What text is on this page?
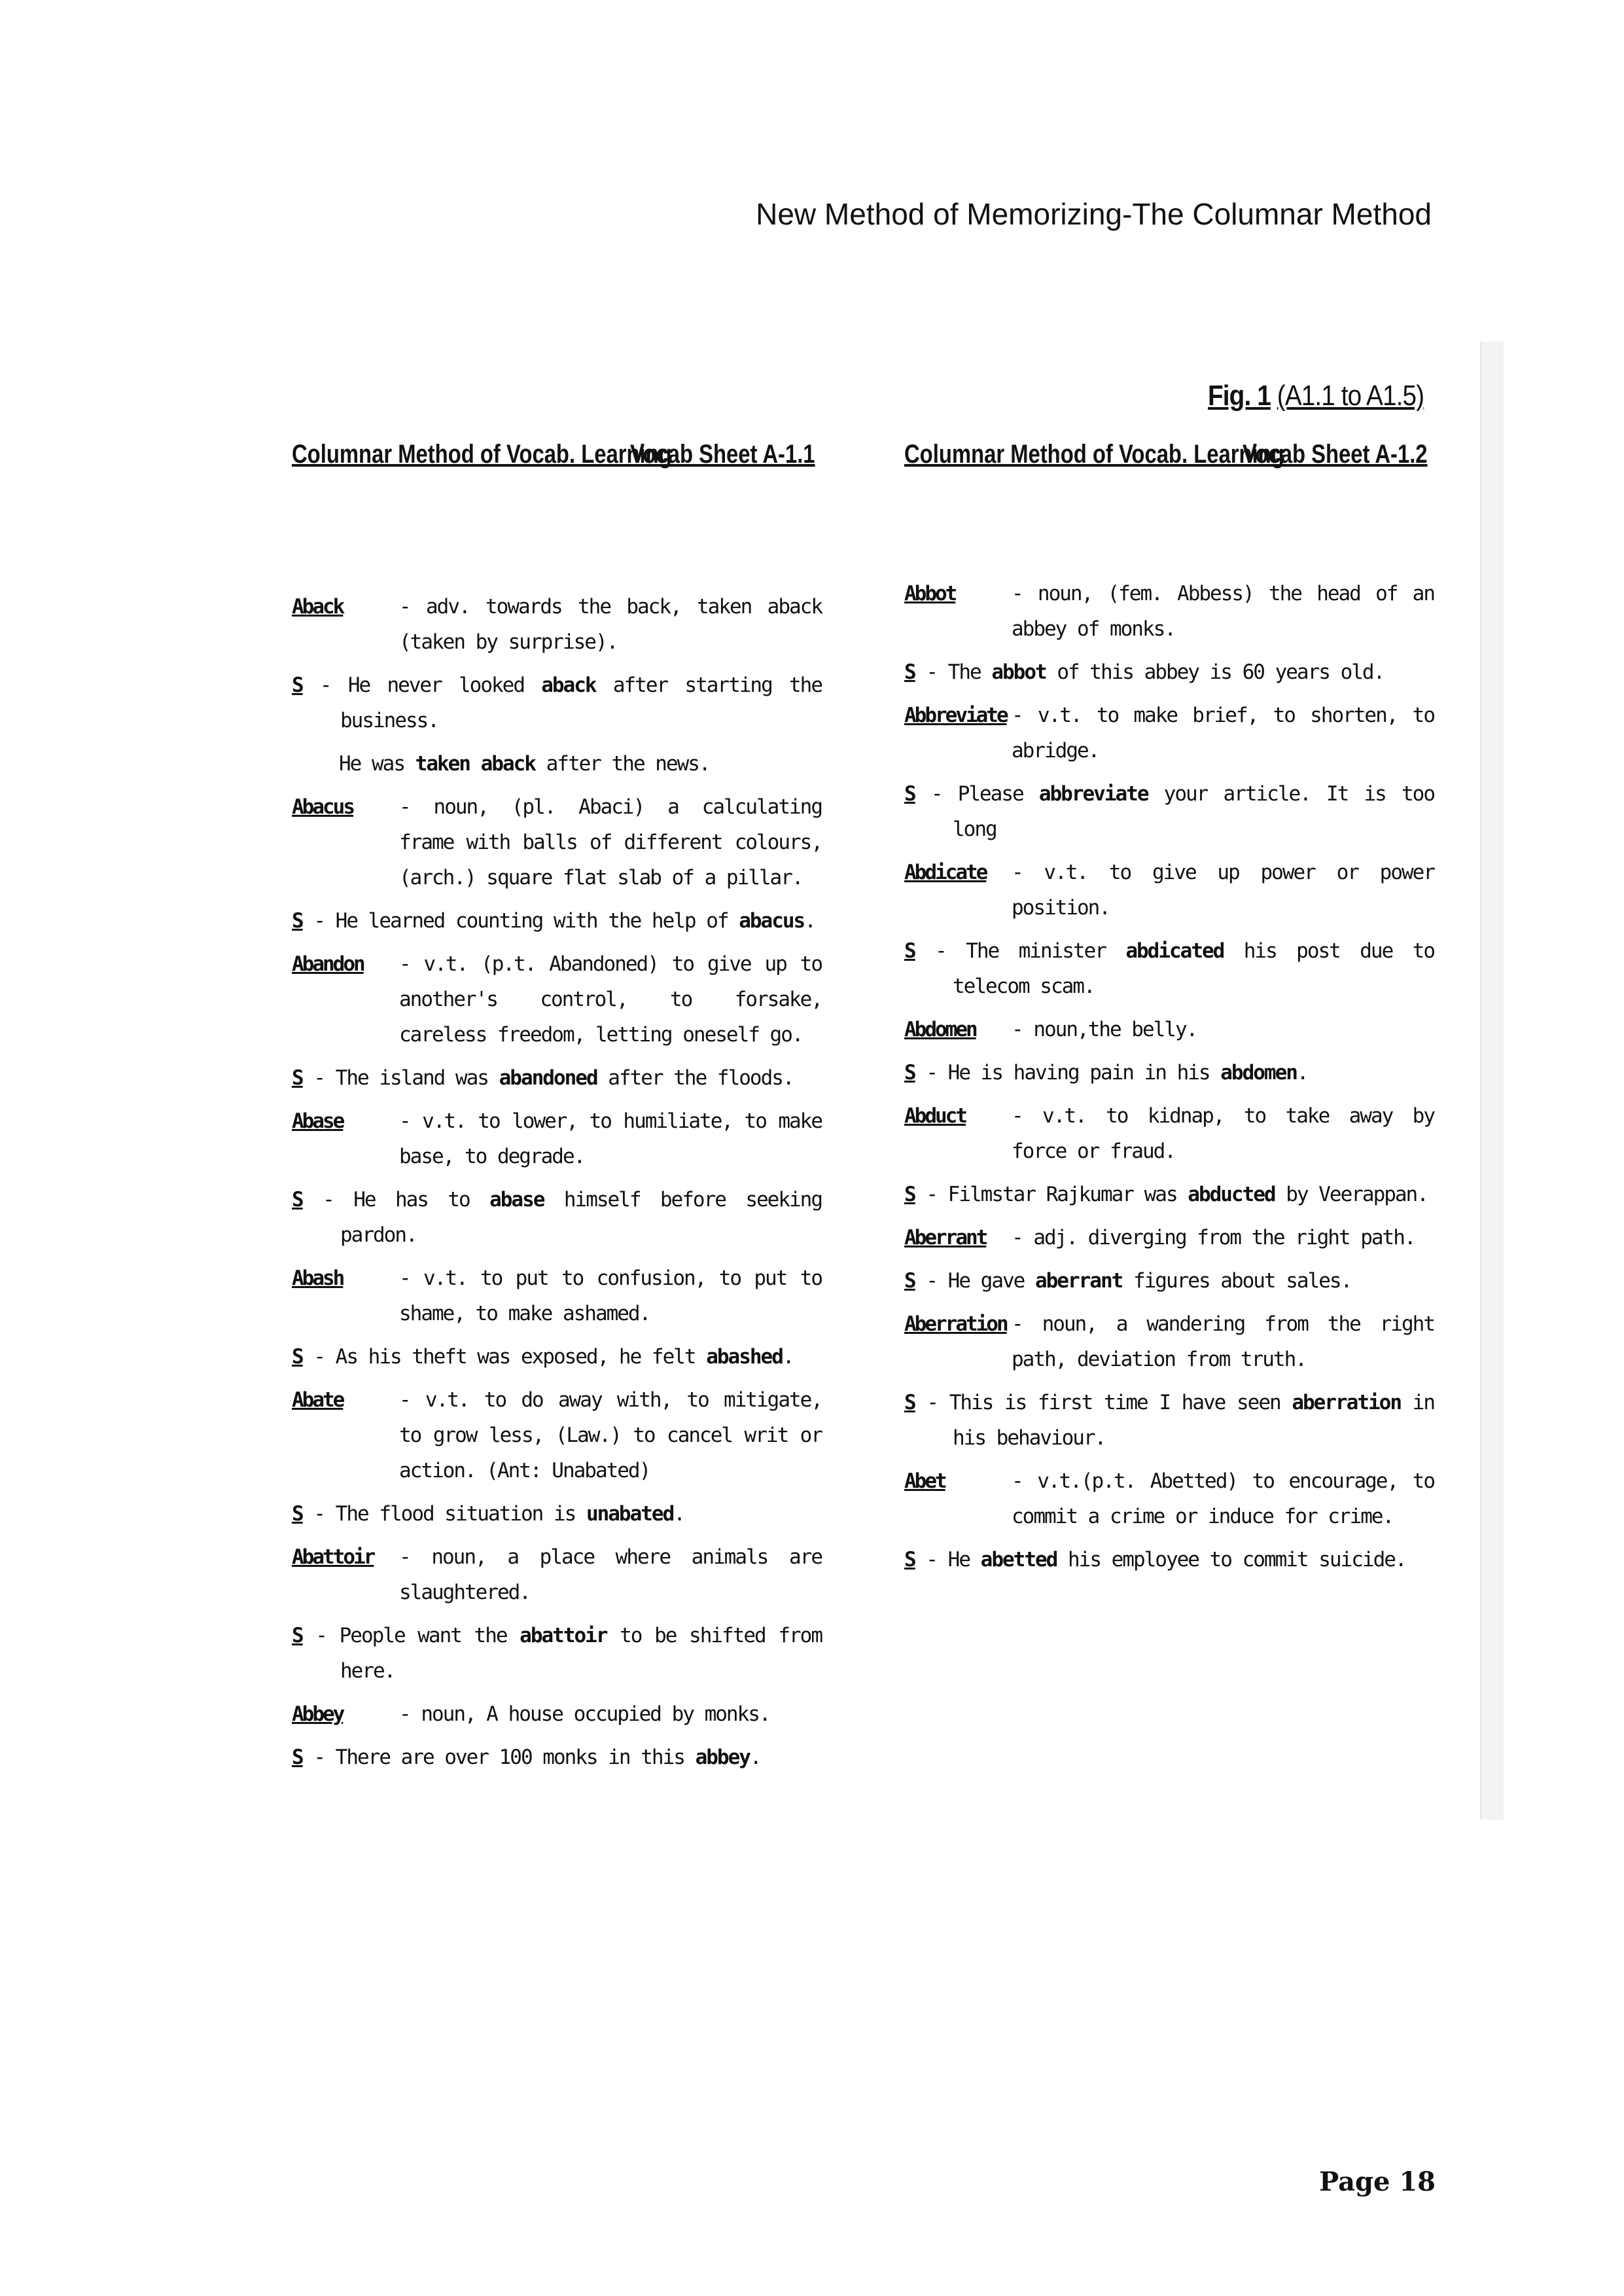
New Method of Memorizing-The Columnar Method
Fig. 1 (A1.1 to A1.5)
Columnar Method of Vocab. Learning
Vocab Sheet A-1.1	Columnar Method of Vocab. Learning
Vocab Sheet A-1.2
Aback	- adv. towards the back, taken aback (taken by surprise).
S - He never looked aback after starting the business.
He was taken aback after the news.
Abacus - noun, (pl. Abaci) a calculating frame with balls of different colours, (arch.) square flat slab of a pillar.
S - He learned counting with the help of abacus.
Abandon - v.t. (p.t. Abandoned) to give up to another's control, to forsake, careless freedom, letting oneself go.
S - The island was abandoned after the floods.
Abase	- v.t. to lower, to humiliate, to make base, to degrade.
S - He has to abase himself before seeking pardon.
Abash	- v.t. to put to confusion, to put to shame, to make ashamed.
S - As his theft was exposed, he felt abashed.
Abate	- v.t. to do away with, to mitigate, to grow less, (Law.) to cancel writ or action. (Ant: Unabated)
S - The flood situation is unabated.
Abattoir - noun, a place where animals are slaughtered.
S - People want the abattoir to be shifted from here.
Abbey	- noun, A house occupied by monks.
S - There are over 100 monks in this abbey.
Abbot	- noun, (fem. Abbess) the head of an abbey of monks.
S - The abbot of this abbey is 60 years old.
Abbreviate - v.t. to make brief, to shorten, to abridge.
S - Please abbreviate your article. It is too long
Abdicate - v.t. to give up power or power position.
S - The minister abdicated his post due to telecom scam.
Abdomen - noun,the belly.
S - He is having pain in his abdomen.
Abduct - v.t. to kidnap, to take away by force or fraud.
S - Filmstar Rajkumar was abducted by Veerappan.
Aberrant - adj. diverging from the right path.
S - He gave aberrant figures about sales.
Aberration - noun, a wandering from the right path, deviation from truth.
S - This is first time I have seen aberration in his behaviour.
Abet	- v.t.(p.t. Abetted) to encourage, to commit a crime or induce for crime.
S - He abetted his employee to commit suicide.
Page 18
